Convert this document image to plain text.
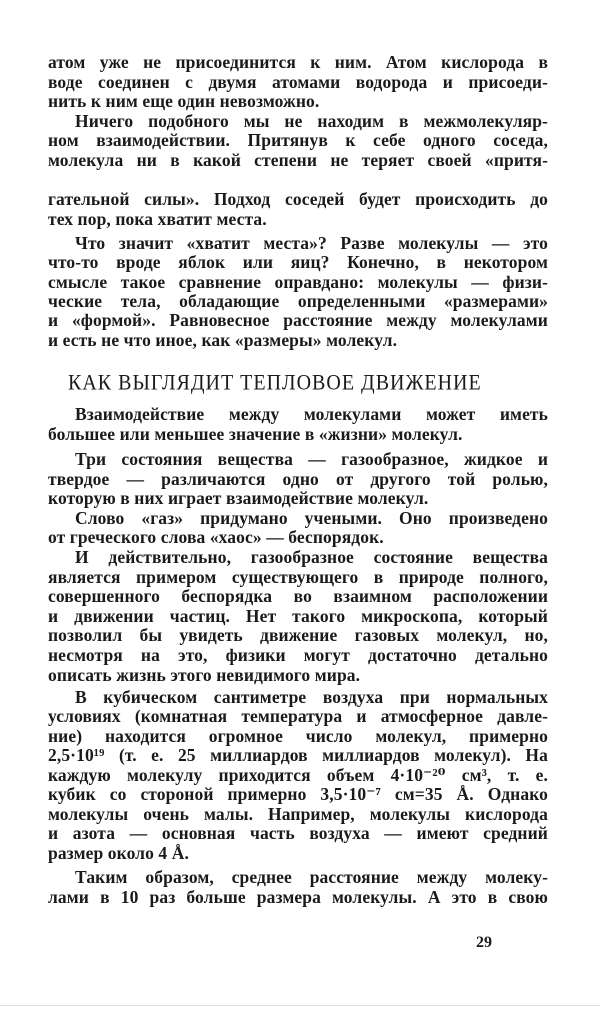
атом уже не присоединится к ним. Атом кислорода в
воде соединен с двумя атомами водорода и присоеди-
нить к ним еще один невозможно.
Ничего подобного мы не находим в межмолекуляр-
ном взаимодействии. Притянув к себе одного соседа,
молекула ни в какой степени не теряет своей «притя-
гательной силы». Подход соседей будет происходить до
тех пор, пока хватит места.
Что значит «хватит места»? Разве молекулы — это
что-то вроде яблок или яиц? Конечно, в некотором
смысле такое сравнение оправдано: молекулы — физи-
ческие тела, обладающие определенными «размерами»
и «формой». Равновесное расстояние между молекулами
и есть не что иное, как «размеры» молекул.
КАК ВЫГЛЯДИТ ТЕПЛОВОЕ ДВИЖЕНИЕ
Взаимодействие между молекулами может иметь
большее или меньшее значение в «жизни» молекул.
Три состояния вещества — газообразное, жидкое и
твердое — различаются одно от другого той ролью,
которую в них играет взаимодействие молекул.
Слово «газ» придумано учеными. Оно произведено
от греческого слова «хаос» — беспорядок.
И действительно, газообразное состояние вещества
является примером существующего в природе полного,
совершенного беспорядка во взаимном расположении
и движении частиц. Нет такого микроскопа, который
позволил бы увидеть движение газовых молекул, но,
несмотря на это, физики могут достаточно детально
описать жизнь этого невидимого мира.
В кубическом сантиметре воздуха при нормальных
условиях (комнатная температура и атмосферное давле-
ние) находится огромное число молекул, примерно
2,5·10¹⁹ (т. е. 25 миллиардов миллиардов молекул). На
каждую молекулу приходится объем 4·10⁻²⁰ см³, т. е.
кубик со стороной примерно 3,5·10⁻⁷ см=35 Å. Однако
молекулы очень малы. Например, молекулы кислорода
и азота — основная часть воздуха — имеют средний
размер около 4 Å.
Таким образом, среднее расстояние между молеку-
лами в 10 раз больше размера молекулы. А это в свою
29
